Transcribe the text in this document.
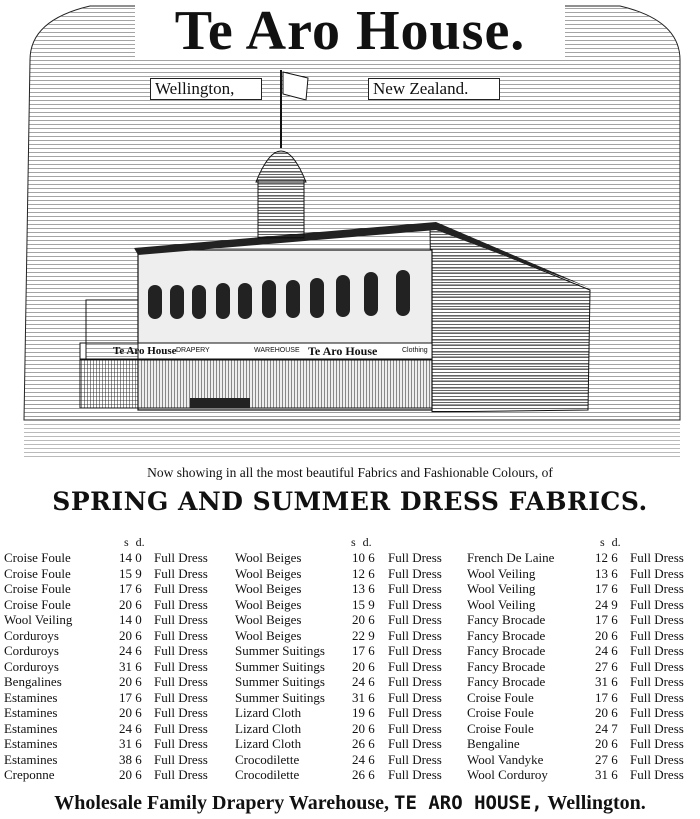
Te Aro House DRAPERY	WAREHOUSE Te Aro House	Clothing
Te Aro House.
Wellington,	New Zealand.

Now showing in all the most beautiful Fabrics and Fashionable Colours, of

SPRING AND SUMMER DRESS FABRICS.
s d.	s d.	s d.
Croise Foule	14 0 Full Dress
Croise Foule	15 9 Full Dress
Croise Foule	17 6 Full Dress
Croise Foule	20 6 Full Dress
Wool Veiling	14 0 Full Dress
Corduroys	20 6 Full Dress
Corduroys	24 6 Full Dress
Corduroys	31 6 Full Dress
Bengalines	20 6 Full Dress
Estamines	17 6 Full Dress
Estamines	20 6 Full Dress
Estamines	24 6 Full Dress
Estamines	31 6 Full Dress
Estamines	38 6 Full Dress
Creponne	20 6 Full Dress
Wool Beiges	10 6 Full Dress
Wool Beiges	12 6 Full Dress
Wool Beiges	13 6 Full Dress
Wool Beiges	15 9 Full Dress
Wool Beiges	20 6 Full Dress
Wool Beiges	22 9 Full Dress
Summer Suitings 17 6 Full Dress
Summer Suitings 20 6 Full Dress
Summer Suitings 24 6 Full Dress
Summer Suitings 31 6 Full Dress
Lizard Cloth	19 6 Full Dress
Lizard Cloth	20 6 Full Dress
Lizard Cloth	26 6 Full Dress
Crocodilette	24 6 Full Dress
Crocodilette	26 6 Full Dress
French De Laine	12 6 Full Dress
Wool Veiling	13 6 Full Dress
Wool Veiling	17 6 Full Dress
Wool Veiling	24 9 Full Dress
Fancy Brocade	17 6 Full Dress
Fancy Brocade	20 6 Full Dress
Fancy Brocade	24 6 Full Dress
Fancy Brocade	27 6 Full Dress
Fancy Brocade	31 6 Full Dress
Croise Foule	17 6 Full Dress
Croise Foule	20 6 Full Dress
Croise Foule	24 7 Full Dress
Bengaline	20 6 Full Dress
Wool Vandyke	27 6 Full Dress
Wool Corduroy	31 6 Full Dress

Wholesale Family Drapery Warehouse, TE ARO HOUSE, Wellington.
